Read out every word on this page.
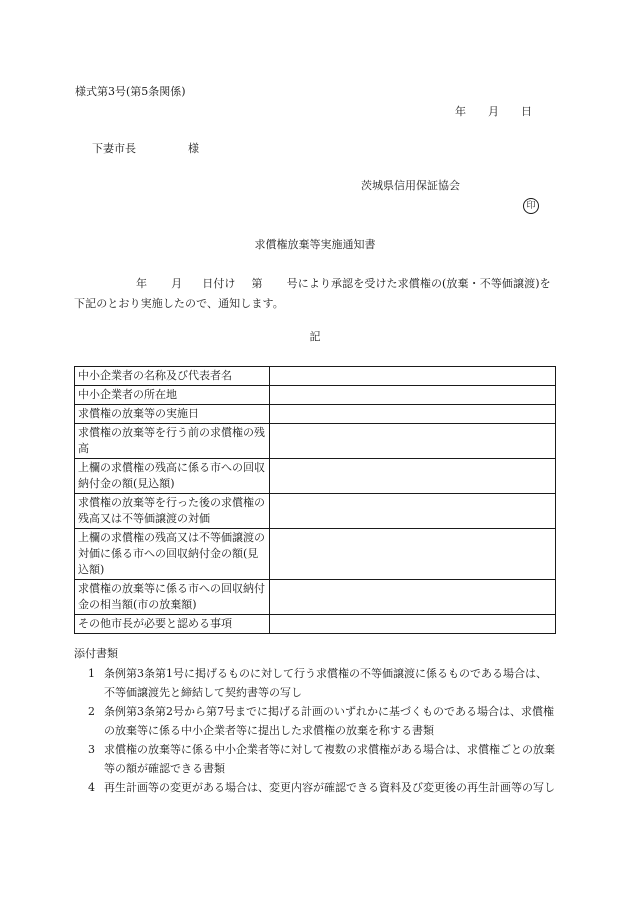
様式第3号(第5条関係)
年 月 日
下妻市長	様
茨城県信用保証協会
印
求償権放棄等実施通知書
年 月 日付け 第 号により承認を受けた求償権の(放棄・不等価譲渡)を下記のとおり実施したので、通知します。
記
中小企業者の名称及び代表者名	
中小企業者の所在地	
求償権の放棄等の実施日	
求償権の放棄等を行う前の求償権の残高	
上欄の求償権の残高に係る市への回収納付金の額(見込額)	
求償権の放棄等を行った後の求償権の残高又は不等価譲渡の対価	
上欄の求償権の残高又は不等価譲渡の対価に係る市への回収納付金の額(見込額)	
求償権の放棄等に係る市への回収納付金の相当額(市の放棄額)	
その他市長が必要と認める事項	
添付書類
1 条例第3条第1号に掲げるものに対して行う求償権の不等価譲渡に係るものである場合は、不等価譲渡先と締結して契約書等の写し
2 条例第3条第2号から第7号までに掲げる計画のいずれかに基づくものである場合は、求償権の放棄等に係る中小企業者等に提出した求償権の放棄を称する書類
3 求償権の放棄等に係る中小企業者等に対して複数の求償権がある場合は、求償権ごとの放棄等の額が確認できる書類
4 再生計画等の変更がある場合は、変更内容が確認できる資料及び変更後の再生計画等の写し
